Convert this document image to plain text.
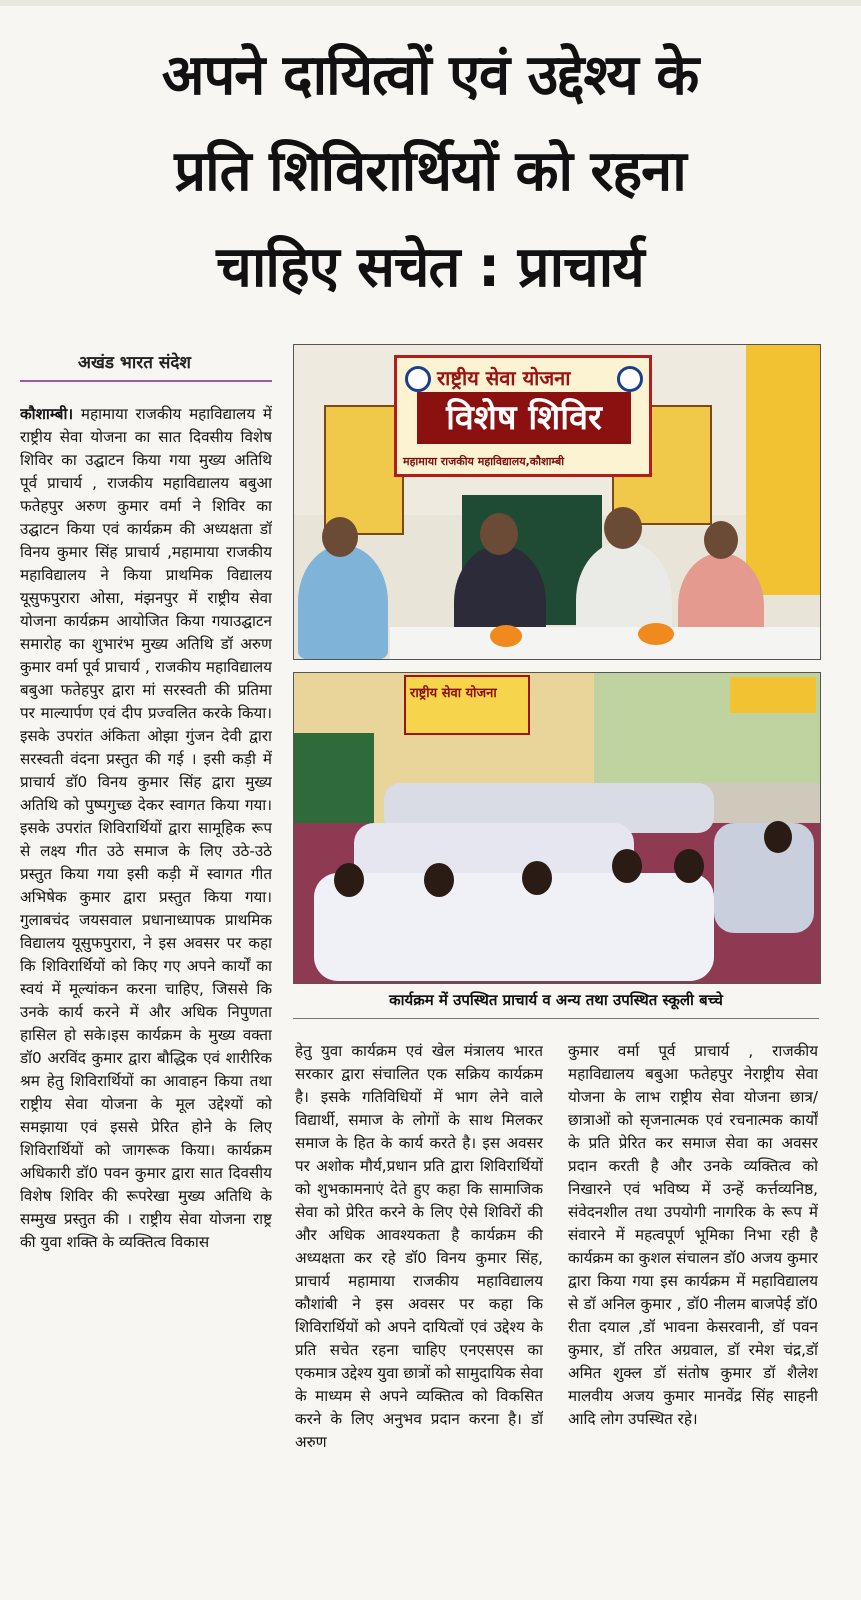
अपने दायित्वों एवं उद्देश्य के
प्रति शिविरार्थियों को रहना
चाहिए सचेत : प्राचार्य
अखंड भारत संदेश
कौशाम्बी। महामाया राजकीय महाविद्यालय में राष्ट्रीय सेवा योजना का सात दिवसीय विशेष शिविर का उद्घाटन किया गया मुख्य अतिथि पूर्व प्राचार्य , राजकीय महाविद्यालय बबुआ फतेहपुर अरुण कुमार वर्मा ने शिविर का उद्घाटन किया एवं कार्यक्रम की अध्यक्षता डॉ विनय कुमार सिंह प्राचार्य ,महामाया राजकीय महाविद्यालय ने किया प्राथमिक विद्यालय यूसुफपुरारा ओसा, मंझनपुर में राष्ट्रीय सेवा योजना कार्यक्रम आयोजित किया गयाउद्घाटन समारोह का शुभारंभ मुख्य अतिथि डॉ अरुण कुमार वर्मा पूर्व प्राचार्य , राजकीय महाविद्यालय बबुआ फतेहपुर द्वारा मां सरस्वती की प्रतिमा पर माल्यार्पण एवं दीप प्रज्वलित करके किया। इसके उपरांत अंकिता ओझा गुंजन देवी द्वारा सरस्वती वंदना प्रस्तुत की गई । इसी कड़ी में प्राचार्य डॉ0 विनय कुमार सिंह द्वारा मुख्य अतिथि को पुष्पगुच्छ देकर स्वागत किया गया। इसके उपरांत शिविरार्थियों द्वारा सामूहिक रूप से लक्ष्य गीत उठे समाज के लिए उठे-उठे प्रस्तुत किया गया इसी कड़ी में स्वागत गीत अभिषेक कुमार द्वारा प्रस्तुत किया गया। गुलाबचंद जयसवाल प्रधानाध्यापक प्राथमिक विद्यालय यूसुफपुरारा, ने इस अवसर पर कहा कि शिविरार्थियों को किए गए अपने कार्यों का स्वयं में मूल्यांकन करना चाहिए, जिससे कि उनके कार्य करने में और अधिक निपुणता हासिल हो सके।इस कार्यक्रम के मुख्य वक्ता डॉ0 अरविंद कुमार द्वारा बौद्धिक एवं शारीरिक श्रम हेतु शिविरार्थियों का आवाहन किया तथा राष्ट्रीय सेवा योजना के मूल उद्देश्यों को समझाया एवं इससे प्रेरित होने के लिए शिविरार्थियों को जागरूक किया। कार्यक्रम अधिकारी डॉ0 पवन कुमार द्वारा सात दिवसीय विशेष शिविर की रूपरेखा मुख्य अतिथि के सम्मुख प्रस्तुत की । राष्ट्रीय सेवा योजना राष्ट्र की युवा शक्ति के व्यक्तित्व विकास
राष्ट्रीय सेवा योजना
विशेष शिविर
महामाया राजकीय महाविद्यालय,कौशाम्बी
राष्ट्रीय सेवा योजना
कार्यक्रम में उपस्थित प्राचार्य व अन्य तथा उपस्थित स्कूली बच्चे
हेतु युवा कार्यक्रम एवं खेल मंत्रालय भारत सरकार द्वारा संचालित एक सक्रिय कार्यक्रम है। इसके गतिविधियों में भाग लेने वाले विद्यार्थी, समाज के लोगों के साथ मिलकर समाज के हित के कार्य करते है। इस अवसर पर अशोक मौर्य,प्रधान प्रति द्वारा शिविरार्थियों को शुभकामनाएं देते हुए कहा कि सामाजिक सेवा को प्रेरित करने के लिए ऐसे शिविरों की और अधिक आवश्यकता है कार्यक्रम की अध्यक्षता कर रहे डॉ0 विनय कुमार सिंह, प्राचार्य महामाया राजकीय महाविद्यालय कौशांबी ने इस अवसर पर कहा कि शिविरार्थियों को अपने दायित्वों एवं उद्देश्य के प्रति सचेत रहना चाहिए एनएसएस का एकमात्र उद्देश्य युवा छात्रों को सामुदायिक सेवा के माध्यम से अपने व्यक्तित्व को विकसित करने के लिए अनुभव प्रदान करना है। डॉ अरुण
कुमार वर्मा पूर्व प्राचार्य , राजकीय महाविद्यालय बबुआ फतेहपुर नेराष्ट्रीय सेवा योजना के लाभ राष्ट्रीय सेवा योजना छात्र/छात्राओं को सृजनात्मक एवं रचनात्मक कार्यों के प्रति प्रेरित कर समाज सेवा का अवसर प्रदान करती है और उनके व्यक्तित्व को निखारने एवं भविष्य में उन्हें कर्त्तव्यनिष्ठ, संवेदनशील तथा उपयोगी नागरिक के रूप में संवारने में महत्वपूर्ण भूमिका निभा रही है कार्यक्रम का कुशल संचालन डॉ0 अजय कुमार द्वारा किया गया इस कार्यक्रम में महाविद्यालय से डॉ अनिल कुमार , डॉ0 नीलम बाजपेई डॉ0 रीता दयाल ,डॉ भावना केसरवानी, डॉ पवन कुमार, डॉ तरित अग्रवाल, डॉ रमेश चंद्र,डॉ अमित शुक्ल डॉ संतोष कुमार डॉ शैलेश मालवीय अजय कुमार मानवेंद्र सिंह साहनी आदि लोग उपस्थित रहे।
